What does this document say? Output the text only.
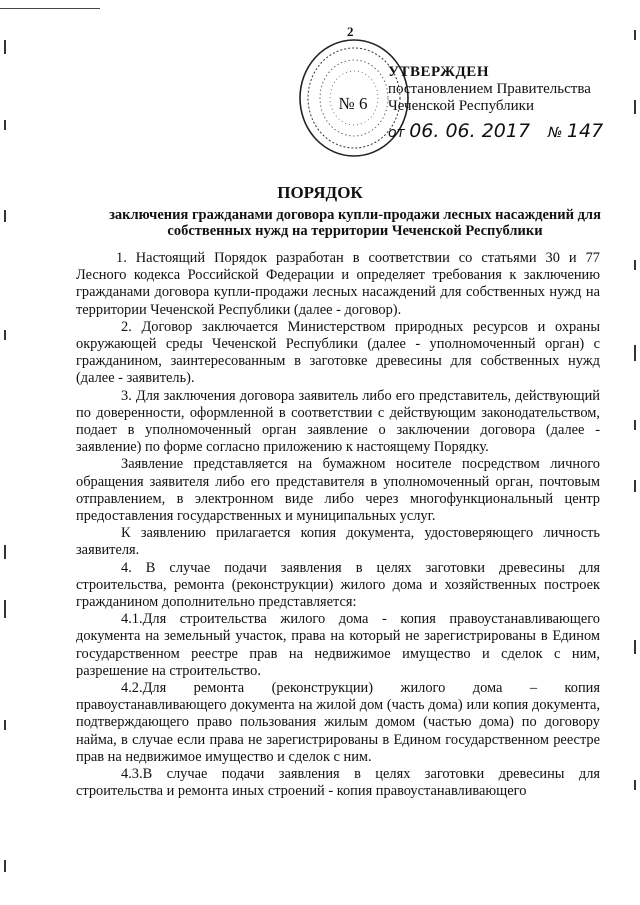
2
№ 6
УТВЕРЖДЕН
постановлением Правительства
Чеченской Республики
от 06. 06. 2017 № 147
ПОРЯДОК
заключения гражданами договора купли-продажи лесных насаждений для собственных нужд на территории Чеченской Республики

1. Настоящий Порядок разработан в соответствии со статьями 30 и 77 Лесного кодекса Российской Федерации и определяет требования к заключению гражданами договора купли-продажи лесных насаждений для собственных нужд на территории Чеченской Республики (далее - договор).

2. Договор заключается Министерством природных ресурсов и охраны окружающей среды Чеченской Республики (далее - уполномоченный орган) с гражданином, заинтересованным в заготовке древесины для собственных нужд (далее - заявитель).

3. Для заключения договора заявитель либо его представитель, действующий по доверенности, оформленной в соответствии с действующим законодательством, подает в уполномоченный орган заявление о заключении договора (далее - заявление) по форме согласно приложению к настоящему Порядку.

Заявление представляется на бумажном носителе посредством личного обращения заявителя либо его представителя в уполномоченный орган, почтовым отправлением, в электронном виде либо через многофункциональный центр предоставления государственных и муниципальных услуг.

К заявлению прилагается копия документа, удостоверяющего личность заявителя.

4. В случае подачи заявления в целях заготовки древесины для строительства, ремонта (реконструкции) жилого дома и хозяйственных построек гражданином дополнительно представляется:

4.1.Для строительства жилого дома - копия правоустанавливающего документа на земельный участок, права на который не зарегистрированы в Едином государственном реестре прав на недвижимое имущество и сделок с ним, разрешение на строительство.

4.2.Для ремонта (реконструкции) жилого дома – копия правоустанавливающего документа на жилой дом (часть дома) или копия документа, подтверждающего право пользования жилым домом (частью дома) по договору найма, в случае если права не зарегистрированы в Едином государственном реестре прав на недвижимое имущество и сделок с ним.

4.3.В случае подачи заявления в целях заготовки древесины для строительства и ремонта иных строений - копия правоустанавливающего
